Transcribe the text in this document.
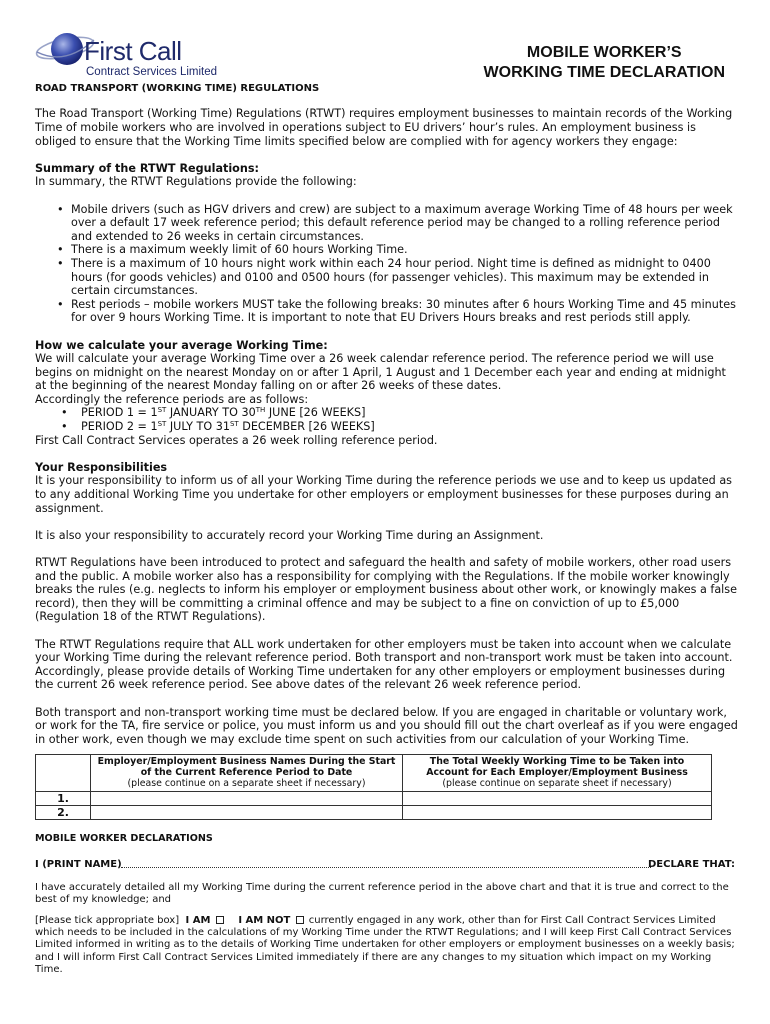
First Call
Contract Services Limited
MOBILE WORKER’S
WORKING TIME DECLARATION

ROAD TRANSPORT (WORKING TIME) REGULATIONS

The Road Transport (Working Time) Regulations (RTWT) requires employment businesses to maintain records of the Working Time of mobile workers who are involved in operations subject to EU drivers’ hour’s rules. An employment business is obliged to ensure that the Working Time limits specified below are complied with for agency workers they engage:

Summary of the RTWT Regulations:

In summary, the RTWT Regulations provide the following:

• Mobile drivers (such as HGV drivers and crew) are subject to a maximum average Working Time of 48 hours per week over a default 17 week reference period; this default reference period may be changed to a rolling reference period and extended to 26 weeks in certain circumstances.
• There is a maximum weekly limit of 60 hours Working Time.
• There is a maximum of 10 hours night work within each 24 hour period. Night time is defined as midnight to 0400 hours (for goods vehicles) and 0100 and 0500 hours (for passenger vehicles). This maximum may be extended in certain circumstances.
• Rest periods – mobile workers MUST take the following breaks: 30 minutes after 6 hours Working Time and 45 minutes for over 9 hours Working Time. It is important to note that EU Drivers Hours breaks and rest periods still apply.

How we calculate your average Working Time:

We will calculate your average Working Time over a 26 week calendar reference period. The reference period we will use begins on midnight on the nearest Monday on or after 1 April, 1 August and 1 December each year and ending at midnight at the beginning of the nearest Monday falling on or after 26 weeks of these dates.

Accordingly the reference periods are as follows:

• PERIOD 1 = 1ST JANUARY TO 30TH JUNE [26 WEEKS]
• PERIOD 2 = 1ST JULY TO 31ST DECEMBER [26 WEEKS]

First Call Contract Services operates a 26 week rolling reference period.

Your Responsibilities

It is your responsibility to inform us of all your Working Time during the reference periods we use and to keep us updated as to any additional Working Time you undertake for other employers or employment businesses for these purposes during an assignment.

It is also your responsibility to accurately record your Working Time during an Assignment.

RTWT Regulations have been introduced to protect and safeguard the health and safety of mobile workers, other road users and the public. A mobile worker also has a responsibility for complying with the Regulations. If the mobile worker knowingly breaks the rules (e.g. neglects to inform his employer or employment business about other work, or knowingly makes a false record), then they will be committing a criminal offence and may be subject to a fine on conviction of up to £5,000 (Regulation 18 of the RTWT Regulations).

The RTWT Regulations require that ALL work undertaken for other employers must be taken into account when we calculate your Working Time during the relevant reference period. Both transport and non-transport work must be taken into account. Accordingly, please provide details of Working Time undertaken for any other employers or employment businesses during the current 26 week reference period. See above dates of the relevant 26 week reference period.

Both transport and non-transport working time must be declared below. If you are engaged in charitable or voluntary work, or work for the TA, fire service or police, you must inform us and you should fill out the chart overleaf as if you were engaged in other work, even though we may exclude time spent on such activities from our calculation of your Working Time.

	Employer/Employment Business Names During the Start of the Current Reference Period to Date
(please continue on a separate sheet if necessary)	The Total Weekly Working Time to be Taken into Account for Each Employer/Employment Business
(please continue on separate sheet if necessary)
1.		
2.		

MOBILE WORKER DECLARATIONS

I (PRINT NAME)	DECLARE THAT:

I have accurately detailed all my Working Time during the current reference period in the above chart and that it is true and correct to the best of my knowledge; and

[Please tick appropriate box] I AM	I AM NOT currently engaged in any work, other than for First Call Contract Services Limited which needs to be included in the calculations of my Working Time under the RTWT Regulations; and I will keep First Call Contract Services Limited informed in writing as to the details of Working Time undertaken for other employers or employment businesses on a weekly basis; and I will inform First Call Contract Services Limited immediately if there are any changes to my situation which impact on my Working Time.
